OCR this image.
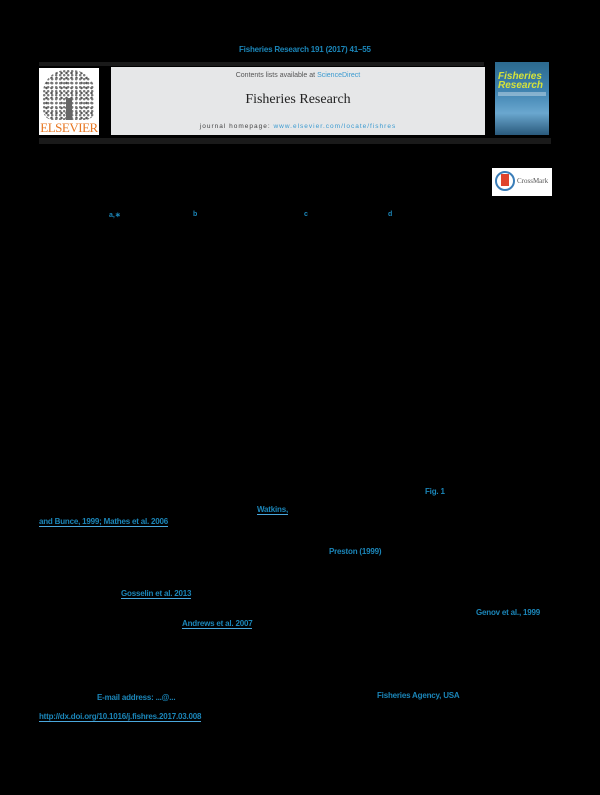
Fisheries Research 191 (2017) 41–55
ELSEVIER
Contents lists available at ScienceDirect
Fisheries Research
journal homepage: www.elsevier.com/locate/fishres
Fisheries Research
CrossMark
a,∗	b	c	d
Fig. 1
Watkins,
and Bunce, 1999; Mathes et al. 2006
Preston (1999)
Gosselin et al. 2013
Genov et al., 1999
Andrews et al. 2007
E-mail address: ...@...	Fisheries Agency, USA
http://dx.doi.org/10.1016/j.fishres.2017.03.008
